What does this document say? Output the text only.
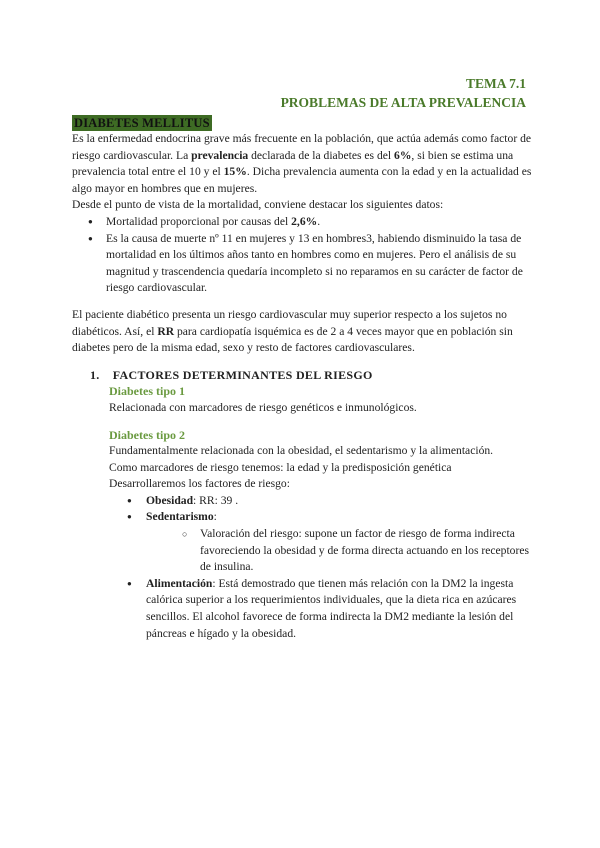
TEMA 7.1
PROBLEMAS DE ALTA PREVALENCIA
DIABETES MELLITUS

Es la enfermedad endocrina grave más frecuente en la población, que actúa además como factor de riesgo cardiovascular. La prevalencia declarada de la diabetes es del 6%, si bien se estima una prevalencia total entre el 10 y el 15%. Dicha prevalencia aumenta con la edad y en la actualidad es algo mayor en hombres que en mujeres.

Desde el punto de vista de la mortalidad, conviene destacar los siguientes datos:

● Mortalidad proporcional por causas del 2,6%.
● Es la causa de muerte nº 11 en mujeres y 13 en hombres3, habiendo disminuido la tasa de mortalidad en los últimos años tanto en hombres como en mujeres. Pero el análisis de su magnitud y trascendencia quedaría incompleto si no reparamos en su carácter de factor de riesgo cardiovascular.

El paciente diabético presenta un riesgo cardiovascular muy superior respecto a los sujetos no diabéticos. Así, el RR para cardiopatía isquémica es de 2 a 4 veces mayor que en población sin diabetes pero de la misma edad, sexo y resto de factores cardiovasculares.

1.    FACTORES DETERMINANTES DEL RIESGO
Diabetes tipo 1

Relacionada con marcadores de riesgo genéticos e inmunológicos.

Diabetes tipo 2

Fundamentalmente relacionada con la obesidad, el sedentarismo y la alimentación.

Como marcadores de riesgo tenemos: la edad y la predisposición genética

Desarrollaremos los factores de riesgo:

● Obesidad: RR: 39 .
● Sedentarismo:
○ Valoración del riesgo: supone un factor de riesgo de forma indirecta favoreciendo la obesidad y de forma directa actuando en los receptores de insulina.
● Alimentación: Está demostrado que tienen más relación con la DM2 la ingesta calórica superior a los requerimientos individuales, que la dieta rica en azúcares sencillos. El alcohol favorece de forma indirecta la DM2 mediante la lesión del páncreas e hígado y la obesidad.
